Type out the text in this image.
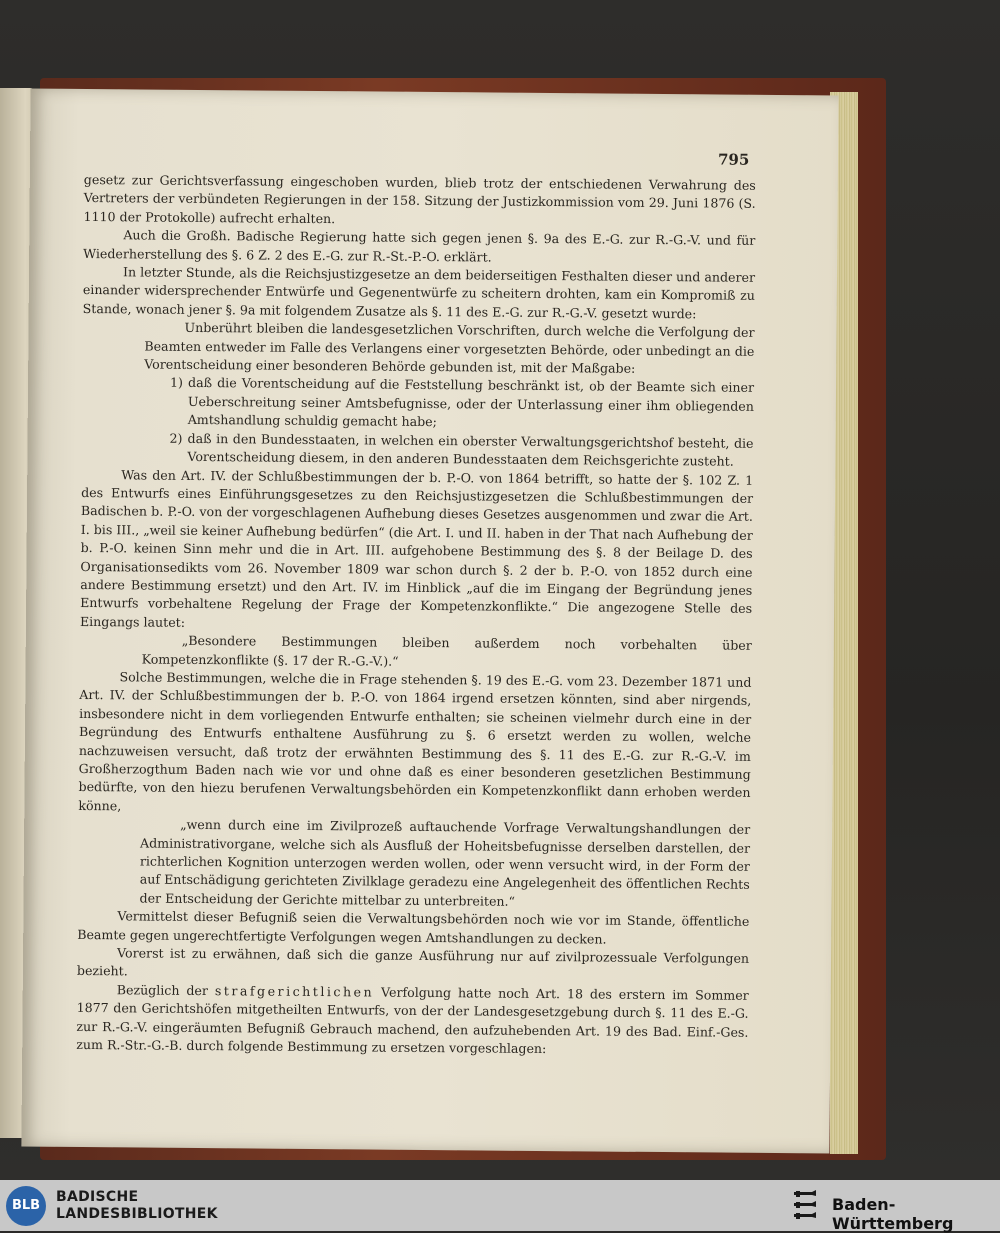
795

gesetz zur Gerichtsverfassung eingeschoben wurden, blieb trotz der entschiedenen Verwahrung des Vertreters der verbündeten Regierungen in der 158. Sitzung der Justizkommission vom 29. Juni 1876 (S. 1110 der Protokolle) aufrecht erhalten.

Auch die Großh. Badische Regierung hatte sich gegen jenen §. 9a des E.-G. zur R.-G.-V. und für Wiederherstellung des §. 6 Z. 2 des E.-G. zur R.-St.-P.-O. erklärt.

In letzter Stunde, als die Reichsjustizgesetze an dem beiderseitigen Festhalten dieser und anderer einander widersprechender Entwürfe und Gegenentwürfe zu scheitern drohten, kam ein Kompromiß zu Stande, wonach jener §. 9a mit folgendem Zusatze als §. 11 des E.-G. zur R.-G.-V. gesetzt wurde:

Unberührt bleiben die landesgesetzlichen Vorschriften, durch welche die Verfolgung der Beamten entweder im Falle des Verlangens einer vorgesetzten Behörde, oder unbedingt an die Vorentscheidung einer besonderen Behörde gebunden ist, mit der Maßgabe:

1) daß die Vorentscheidung auf die Feststellung beschränkt ist, ob der Beamte sich einer Ueberschreitung seiner Amtsbefugnisse, oder der Unterlassung einer ihm obliegenden Amtshandlung schuldig gemacht habe;

2) daß in den Bundesstaaten, in welchen ein oberster Verwaltungsgerichtshof besteht, die Vorentscheidung diesem, in den anderen Bundesstaaten dem Reichsgerichte zusteht.

Was den Art. IV. der Schlußbestimmungen der b. P.-O. von 1864 betrifft, so hatte der §. 102 Z. 1 des Entwurfs eines Einführungsgesetzes zu den Reichsjustizgesetzen die Schlußbestimmungen der Badischen b. P.-O. von der vorgeschlagenen Aufhebung dieses Gesetzes ausgenommen und zwar die Art. I. bis III., „weil sie keiner Aufhebung bedürfen“ (die Art. I. und II. haben in der That nach Aufhebung der b. P.-O. keinen Sinn mehr und die in Art. III. aufgehobene Bestimmung des §. 8 der Beilage D. des Organisationsedikts vom 26. November 1809 war schon durch §. 2 der b. P.-O. von 1852 durch eine andere Bestimmung ersetzt) und den Art. IV. im Hinblick „auf die im Eingang der Begründung jenes Entwurfs vorbehaltene Regelung der Frage der Kompetenzkonflikte.“ Die angezogene Stelle des Eingangs lautet:

„Besondere Bestimmungen bleiben außerdem noch vorbehalten über Kompetenzkonflikte (§. 17 der R.-G.-V.).“

Solche Bestimmungen, welche die in Frage stehenden §. 19 des E.-G. vom 23. Dezember 1871 und Art. IV. der Schlußbestimmungen der b. P.-O. von 1864 irgend ersetzen könnten, sind aber nirgends, insbesondere nicht in dem vorliegenden Entwurfe enthalten; sie scheinen vielmehr durch eine in der Begründung des Entwurfs enthaltene Ausführung zu §. 6 ersetzt werden zu wollen, welche nachzuweisen versucht, daß trotz der erwähnten Bestimmung des §. 11 des E.-G. zur R.-G.-V. im Großherzogthum Baden nach wie vor und ohne daß es einer besonderen gesetzlichen Bestimmung bedürfte, von den hiezu berufenen Verwaltungsbehörden ein Kompetenzkonflikt dann erhoben werden könne,

„wenn durch eine im Zivilprozeß auftauchende Vorfrage Verwaltungshandlungen der Administrativorgane, welche sich als Ausfluß der Hoheitsbefugnisse derselben darstellen, der richterlichen Kognition unterzogen werden wollen, oder wenn versucht wird, in der Form der auf Entschädigung gerichteten Zivilklage geradezu eine Angelegenheit des öffentlichen Rechts der Entscheidung der Gerichte mittelbar zu unterbreiten.“

Vermittelst dieser Befugniß seien die Verwaltungsbehörden noch wie vor im Stande, öffentliche Beamte gegen ungerechtfertigte Verfolgungen wegen Amtshandlungen zu decken.

Vorerst ist zu erwähnen, daß sich die ganze Ausführung nur auf zivilprozessuale Verfolgungen bezieht.

Bezüglich der strafgerichtlichen Verfolgung hatte noch Art. 18 des erstern im Sommer 1877 den Gerichtshöfen mitgetheilten Entwurfs, von der der Landesgesetzgebung durch §. 11 des E.-G. zur R.-G.-V. eingeräumten Befugniß Gebrauch machend, den aufzuhebenden Art. 19 des Bad. Einf.-Ges. zum R.-Str.-G.-B. durch folgende Bestimmung zu ersetzen vorgeschlagen:

BLB
BADISCHE
LANDESBIBLIOTHEK	Baden-Württemberg
